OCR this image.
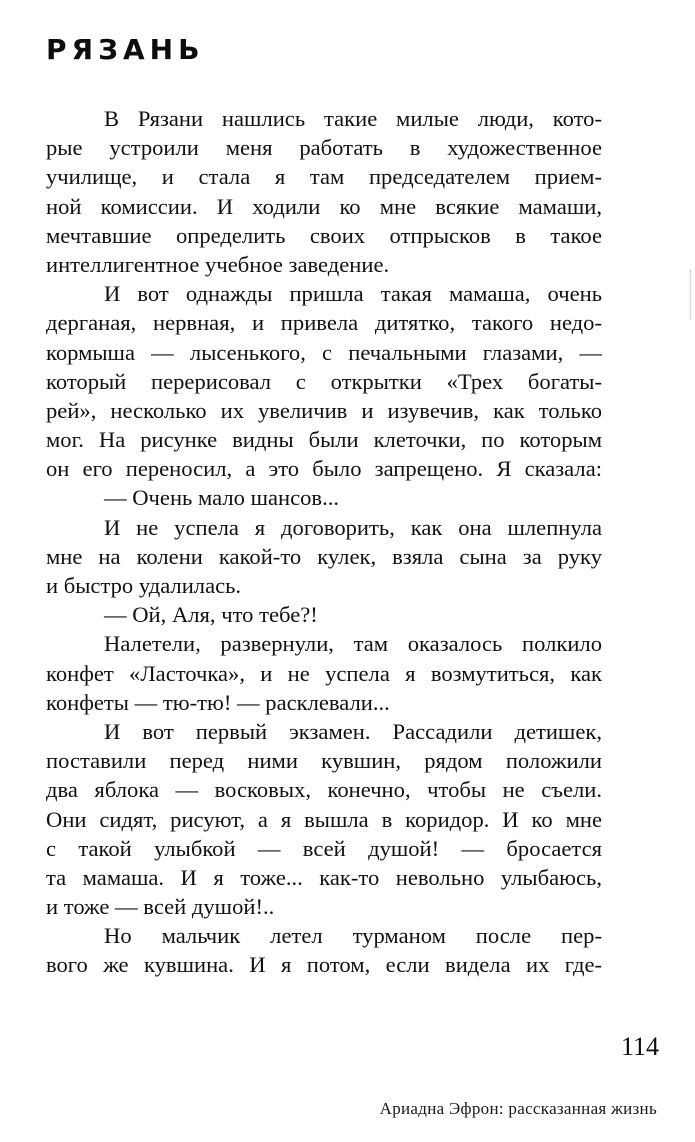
РЯЗАНЬ
В Рязани нашлись такие милые люди, кото-
рые устроили меня работать в художественное
училище, и стала я там председателем прием-
ной комиссии. И ходили ко мне всякие мамаши,
мечтавшие определить своих отпрысков в такое
интеллигентное учебное заведение.
И вот однажды пришла такая мамаша, очень
дерганая, нервная, и привела дитятко, такого недо-
кормыша — лысенького, с печальными глазами, —
который перерисовал с открытки «Трех богаты-
рей», несколько их увеличив и изувечив, как только
мог. На рисунке видны были клеточки, по которым
он его переносил, а это было запрещено. Я сказала:
— Очень мало шансов...
И не успела я договорить, как она шлепнула
мне на колени какой-то кулек, взяла сына за руку
и быстро удалилась.
— Ой, Аля, что тебе?!
Налетели, развернули, там оказалось полкило
конфет «Ласточка», и не успела я возмутиться, как
конфеты — тю-тю! — расклевали...
И вот первый экзамен. Рассадили детишек,
поставили перед ними кувшин, рядом положили
два яблока — восковых, конечно, чтобы не съели.
Они сидят, рисуют, а я вышла в коридор. И ко мне
с такой улыбкой — всей душой! — бросается
та мамаша. И я тоже... как-то невольно улыбаюсь,
и тоже — всей душой!..
Но мальчик летел турманом после пер-
вого же кувшина. И я потом, если видела их где-
114
Ариадна Эфрон: рассказанная жизнь
